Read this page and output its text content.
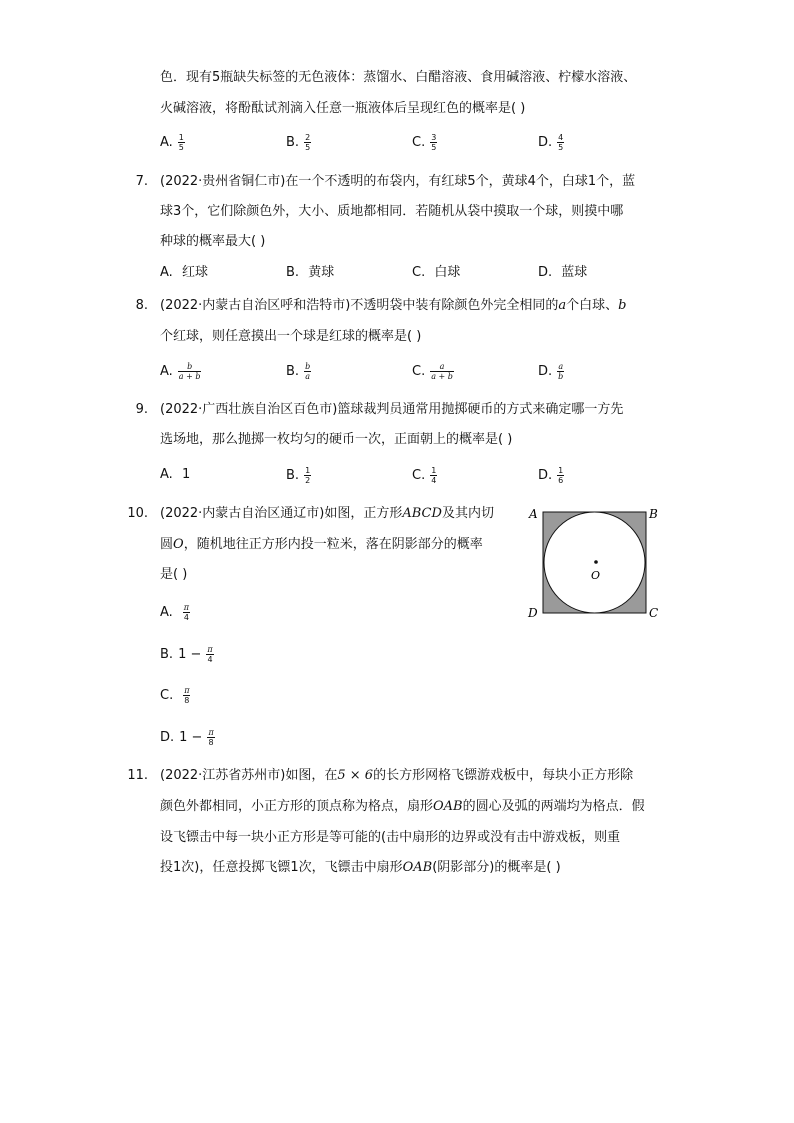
色．现有5瓶缺失标签的无色液体：蒸馏水、白醋溶液、食用碱溶液、柠檬水溶液、
火碱溶液，将酚酞试剂滴入任意一瓶液体后呈现红色的概率是( )
A. $\frac{1}{5}$	B. $\frac{2}{5}$	C. $\frac{3}{5}$	D. $\frac{4}{5}$
7. (2022·贵州省铜仁市)在一个不透明的布袋内，有红球5个，黄球4个，白球1个，蓝
球3个，它们除颜色外，大小、质地都相同．若随机从袋中摸取一个球，则摸中哪
种球的概率最大( )
A. 红球	B. 黄球	C. 白球	D. 蓝球
8. (2022·内蒙古自治区呼和浩特市)不透明袋中装有除颜色外完全相同的a个白球、b
个红球，则任意摸出一个球是红球的概率是( )
A. $\frac{b}{a + b}$	B. $\frac{b}{a}$	C. $\frac{a}{a + b}$	D. $\frac{a}{b}$
9. (2022·广西壮族自治区百色市)篮球裁判员通常用抛掷硬币的方式来确定哪一方先
选场地，那么抛掷一枚均匀的硬币一次，正面朝上的概率是( )
A. 1	B. $\frac{1}{2}$	C. $\frac{1}{4}$	D. $\frac{1}{6}$
10. (2022·内蒙古自治区通辽市)如图，正方形ABCD及其内切
圆O，随机地往正方形内投一粒米，落在阴影部分的概率
是( )
A. $\frac{\pi}{4}$
B. $1 - \frac{\pi}{4}$
C. $\frac{\pi}{8}$
D. $1 - \frac{\pi}{8}$
A	B
C
D
O
11. (2022·江苏省苏州市)如图，在5 × 6的长方形网格飞镖游戏板中，每块小正方形除
颜色外都相同，小正方形的顶点称为格点，扇形OAB的圆心及弧的两端均为格点．假
设飞镖击中每一块小正方形是等可能的(击中扇形的边界或没有击中游戏板，则重
投1次)，任意投掷飞镖1次，飞镖击中扇形OAB(阴影部分)的概率是( )
